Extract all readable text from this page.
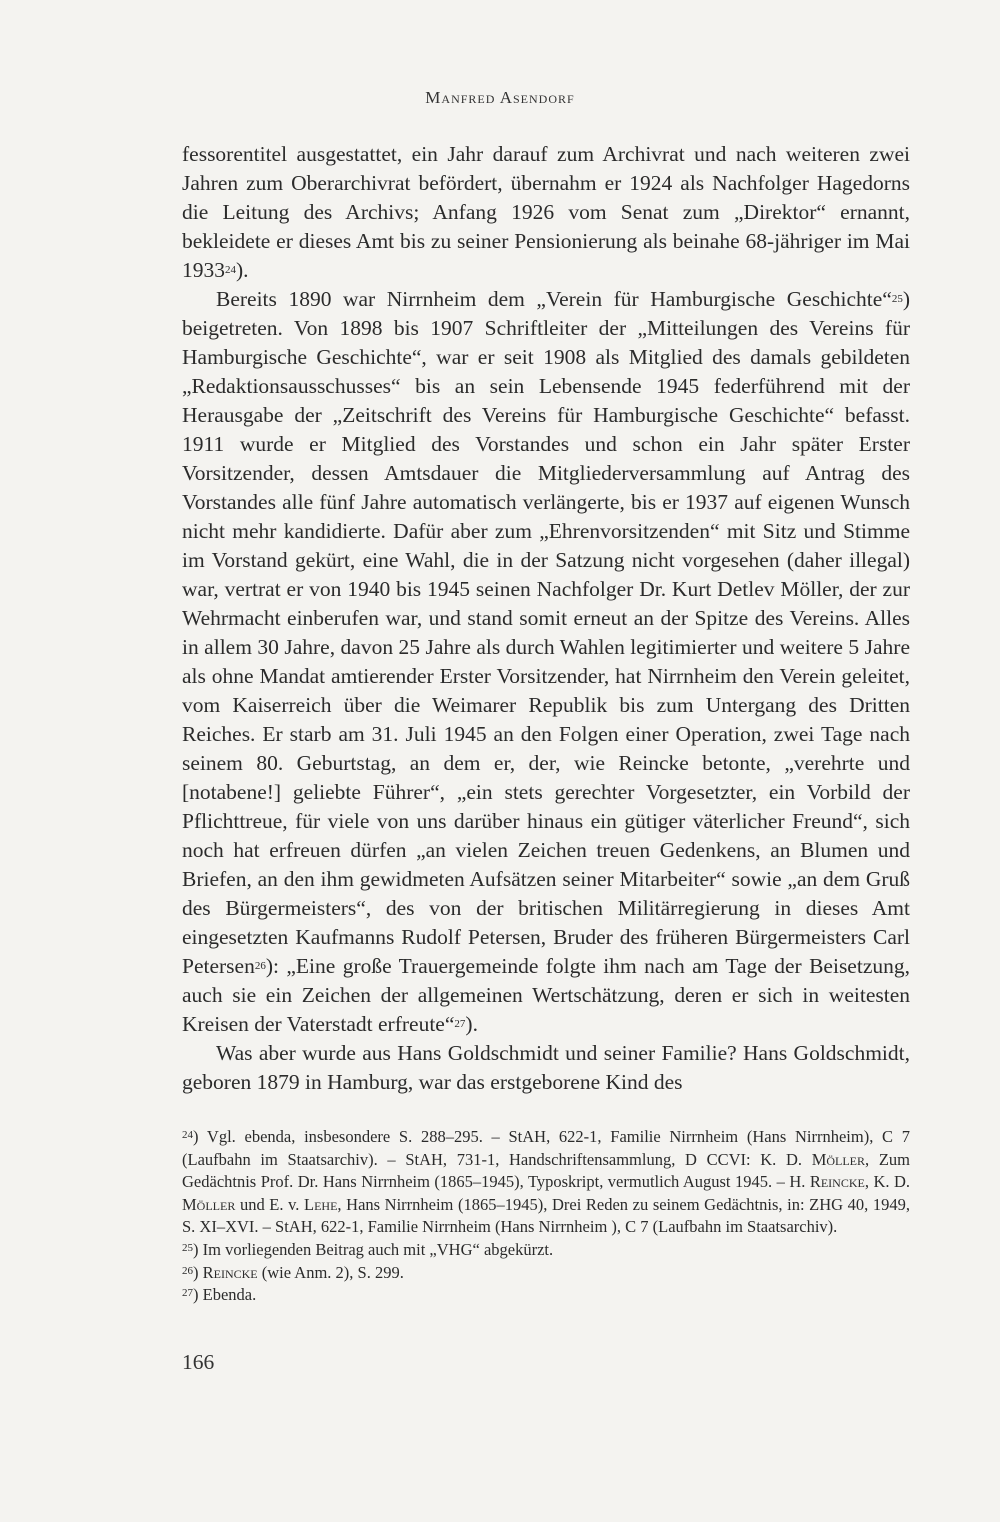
Manfred Asendorf

fessorentitel ausgestattet, ein Jahr darauf zum Archivrat und nach weiteren zwei Jahren zum Oberarchivrat befördert, übernahm er 1924 als Nachfolger Hagedorns die Leitung des Archivs; Anfang 1926 vom Senat zum „Direktor“ ernannt, bekleidete er dieses Amt bis zu seiner Pensionierung als beinahe 68-jähriger im Mai 1933$^{24}$).

Bereits 1890 war Nirrnheim dem „Verein für Hamburgische Geschichte“$^{25}$) beigetreten. Von 1898 bis 1907 Schriftleiter der „Mitteilungen des Vereins für Hamburgische Geschichte“, war er seit 1908 als Mitglied des damals gebildeten „Redaktionsausschusses“ bis an sein Lebensende 1945 federführend mit der Herausgabe der „Zeitschrift des Vereins für Hamburgische Geschichte“ befasst. 1911 wurde er Mitglied des Vorstandes und schon ein Jahr später Erster Vorsitzender, dessen Amtsdauer die Mitgliederversammlung auf Antrag des Vorstandes alle fünf Jahre automatisch verlängerte, bis er 1937 auf eigenen Wunsch nicht mehr kandidierte. Dafür aber zum „Ehrenvorsitzenden“ mit Sitz und Stimme im Vorstand gekürt, eine Wahl, die in der Satzung nicht vorgesehen (daher illegal) war, vertrat er von 1940 bis 1945 seinen Nachfolger Dr. Kurt Detlev Möller, der zur Wehrmacht einberufen war, und stand somit erneut an der Spitze des Vereins. Alles in allem 30 Jahre, davon 25 Jahre als durch Wahlen legitimierter und weitere 5 Jahre als ohne Mandat amtierender Erster Vorsitzender, hat Nirrnheim den Verein geleitet, vom Kaiserreich über die Weimarer Republik bis zum Untergang des Dritten Reiches. Er starb am 31. Juli 1945 an den Folgen einer Operation, zwei Tage nach seinem 80. Geburtstag, an dem er, der, wie Reincke betonte, „verehrte und [notabene!] geliebte Führer“, „ein stets gerechter Vorgesetzter, ein Vorbild der Pflichttreue, für viele von uns darüber hinaus ein gütiger väterlicher Freund“, sich noch hat erfreuen dürfen „an vielen Zeichen treuen Gedenkens, an Blumen und Briefen, an den ihm gewidmeten Aufsätzen seiner Mitarbeiter“ sowie „an dem Gruß des Bürgermeisters“, des von der britischen Militärregierung in dieses Amt eingesetzten Kaufmanns Rudolf Petersen, Bruder des früheren Bürgermeisters Carl Petersen$^{26}$): „Eine große Trauergemeinde folgte ihm nach am Tage der Beisetzung, auch sie ein Zeichen der allgemeinen Wertschätzung, deren er sich in weitesten Kreisen der Vaterstadt erfreute“$^{27}$).

Was aber wurde aus Hans Goldschmidt und seiner Familie? Hans Goldschmidt, geboren 1879 in Hamburg, war das erstgeborene Kind des

$^{24}$) Vgl. ebenda, insbesondere S. 288–295. – StAH, 622-1, Familie Nirrnheim (Hans Nirrnheim), C 7 (Laufbahn im Staatsarchiv). – StAH, 731-1, Handschriftensammlung, D CCVI: K. D. Möller, Zum Gedächtnis Prof. Dr. Hans Nirrnheim (1865–1945), Typoskript, vermutlich August 1945. – H. Reincke, K. D. Möller und E. v. Lehe, Hans Nirrnheim (1865–1945), Drei Reden zu seinem Gedächtnis, in: ZHG 40, 1949, S. XI–XVI. – StAH, 622-1, Familie Nirrnheim (Hans Nirrnheim ), C 7 (Laufbahn im Staatsarchiv).

$^{25}$) Im vorliegenden Beitrag auch mit „VHG“ abgekürzt.

$^{26}$) Reincke (wie Anm. 2), S. 299.

$^{27}$) Ebenda.

166
